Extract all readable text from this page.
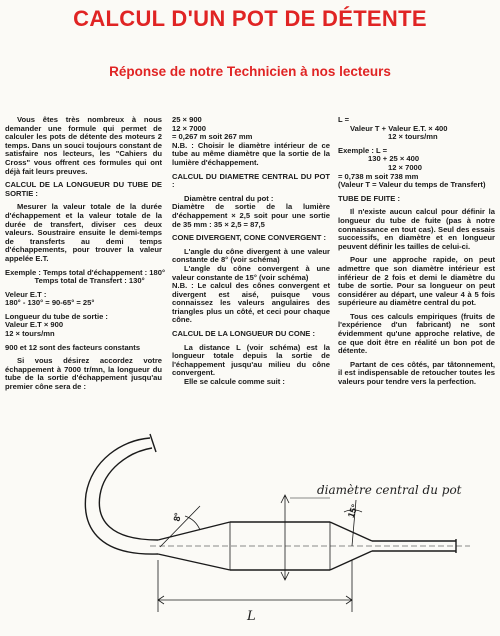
CALCUL D'UN POT DE DÉTENTE
Réponse de notre Technicien à nos lecteurs

Vous êtes très nombreux à nous demander une formule qui permet de calculer les pots de détente des moteurs 2 temps. Dans un souci toujours constant de satisfaire nos lecteurs, les "Cahiers du Cross" vous offrent ces formules qui ont déjà fait leurs preuves.

CALCUL DE LA LONGUEUR DU TUBE DE SORTIE :

Mesurer la valeur totale de la durée d'échappement et la valeur totale de la durée de transfert, diviser ces deux valeurs. Soustraire ensuite le demi-temps de transferts au demi temps d'échappements, pour trouver la valeur appelée E.T.

Exemple : Temps total d'échappement : 180°
Temps total de Transfert : 130°

Veleur E.T :

180° - 130° = 90-65° = 25°

Longueur du tube de sortie :

Valeur E.T × 900

12 × tours/mn

900 et 12 sont des facteurs constants

Si vous désirez accordez votre échappement à 7000 tr/mn, la longueur du tube de la sortie d'échappement jusqu'au premier cône sera de :

25 × 900

12 × 7000

= 0,267 m soit 267 mm

N.B. : Choisir le diamètre intérieur de ce tube au même diamètre que la sortie de la lumière d'échappement.

CALCUL DU DIAMETRE CENTRAL DU POT :

Diamètre central du pot :

Diamètre de sortie de la lumière d'échappement × 2,5 soit pour une sortie de 35 mm : 35 × 2,5 = 87,5

CONE DIVERGENT, CONE CONVERGENT :

L'angle du cône divergent à une valeur constante de 8° (voir schéma)

L'angle du cône convergent à une valeur constante de 15° (voir schéma)

N.B. : Le calcul des cônes convergent et divergent est aisé, puisque vous connaissez les valeurs angulaires des triangles plus un côté, et ceci pour chaque cône.

CALCUL DE LA LONGUEUR DU CONE :

La distance L (voir schéma) est la longueur totale depuis la sortie de l'échappement jusqu'au milieu du cône convergent.

Elle se calcule comme suit :

L =

Valeur T + Valeur E.T. × 400

12 × tours/mn

Exemple : L =

130 + 25 × 400

12 × 7000

= 0,738 m soit 738 mm

(Valeur T = Valeur du temps de Transfert)

TUBE DE FUITE :

Il n'existe aucun calcul pour définir la longueur du tube de fuite (pas à notre connaissance en tout cas). Seul des essais successifs, en diamètre et en longueur peuvent définir les tailles de celui-ci.

Pour une approche rapide, on peut admettre que son diamètre intérieur est inférieur de 2 fois et demi le diamètre du tube de sortie. Pour sa longueur on peut considérer au départ, une valeur 4 à 5 fois supérieure au diamètre central du pot.

Tous ces calculs empiriques (fruits de l'expérience d'un fabricant) ne sont évidemment qu'une approche relative, de ce que doit être en réalité un bon pot de détente.

Partant de ces côtés, par tâtonnement, il est indispensable de retoucher toutes les valeurs pour tendre vers la perfection.

diamètre central du pot
8°	15°
L
